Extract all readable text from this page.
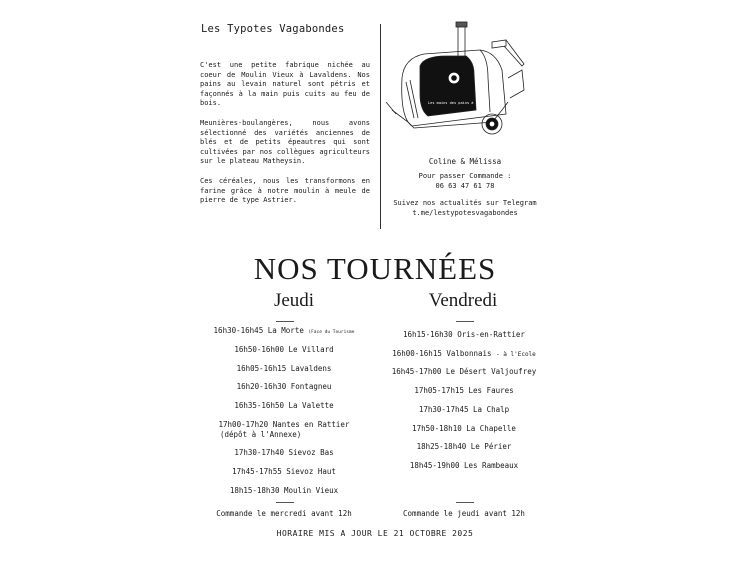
Les Typotes Vagabondes

C'est une petite fabrique nichée au coeur de Moulin Vieux à Lavaldens. Nos pains au levain naturel sont pétris et façonnés à la main puis cuits au feu de bois.

Meunières-boulangères, nous avons sélectionné des variétés anciennes de blés et de petits épeautres qui sont cultivées par nos collègues agriculteurs sur le plateau Matheysin.

Ces céréales, nous les transformons en farine grâce à notre moulin à meule de pierre de type Astrier.

Les mains des pains à la ...
Coline & Mélissa
Pour passer Commande :
06 63 47 61 78
Suivez nos actualités sur Telegram
t.me/lestypotesvagabondes
NOS TOURNÉES
Jeudi	Vendredi
16h30-16h45 La Morte (Face du Tourisme
16h50-16h00 Le Villard
16h05-16h15 Lavaldens
16h20-16h30 Fontagneu
16h35-16h50 La Valette
17h00-17h20 Nantes en Rattier
(dépôt à l'Annexe)
17h30-17h40 Sievoz Bas
17h45-17h55 Sievoz Haut
18h15-18h30 Moulin Vieux
Commande le mercredi avant 12h
16h15-16h30 Oris-en-Rattier
16h00-16h15 Valbonnais - à l'Ecole
16h45-17h00 Le Désert Valjoufrey
17h05-17h15 Les Faures
17h30-17h45 La Chalp
17h50-18h10 La Chapelle
18h25-18h40 Le Périer
18h45-19h00 Les Rambeaux
Commande le jeudi avant 12h
HORAIRE MIS A JOUR LE 21 OCTOBRE 2025
